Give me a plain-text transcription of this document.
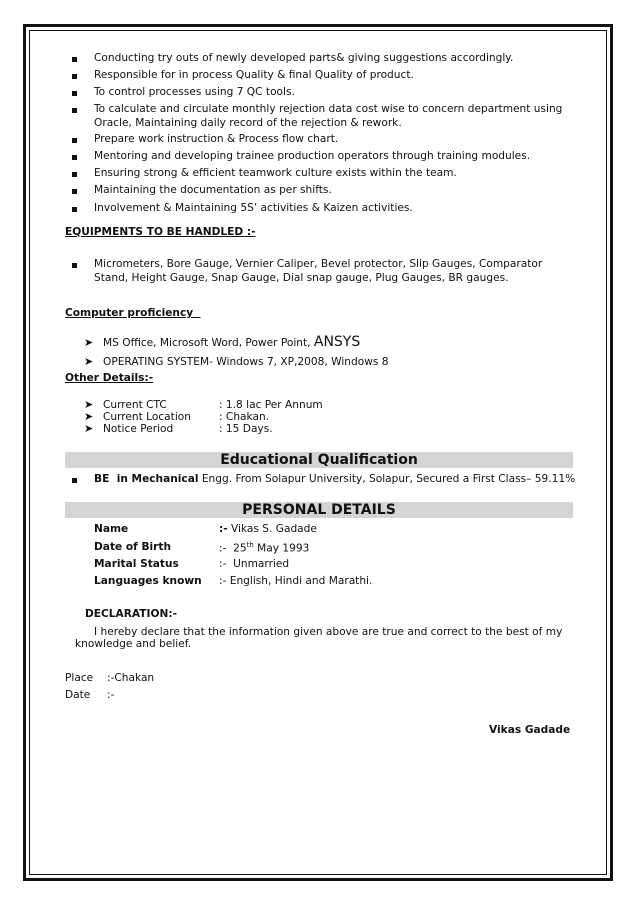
Conducting try outs of newly developed parts& giving suggestions accordingly.
Responsible for in process Quality & final Quality of product.
To control processes using 7 QC tools.
To calculate and circulate monthly rejection data cost wise to concern department using Oracle, Maintaining daily record of the rejection & rework.
Prepare work instruction & Process flow chart.
Mentoring and developing trainee production operators through training modules.
Ensuring strong & efficient teamwork culture exists within the team.
Maintaining the documentation as per shifts.
Involvement & Maintaining 5S’ activities & Kaizen activities.
EQUIPMENTS TO BE HANDLED :-
Micrometers, Bore Gauge, Vernier Caliper, Bevel protector, Slip Gauges, Comparator Stand, Height Gauge, Snap Gauge, Dial snap gauge, Plug Gauges, BR gauges.
Computer proficiency
➤ MS Office, Microsoft Word, Power Point, ANSYS
➤ OPERATING SYSTEM- Windows 7, XP,2008, Windows 8
Other Details:-
➤ Current CTC	: 1.8 lac Per Annum
➤ Current Location	: Chakan.
➤ Notice Period	: 15 Days.
Educational Qualification
BE  in Mechanical Engg. From Solapur University, Solapur, Secured a First Class– 59.11%
PERSONAL DETAILS
Name	:- Vikas S. Gadade
Date of Birth	:-  25th May 1993
Marital Status	:-  Unmarried
Languages known :- English, Hindi and Marathi.
DECLARATION:-
I hereby declare that the information given above are true and correct to the best of my
knowledge and belief.
Place :-Chakan
Date :-
Vikas Gadade
